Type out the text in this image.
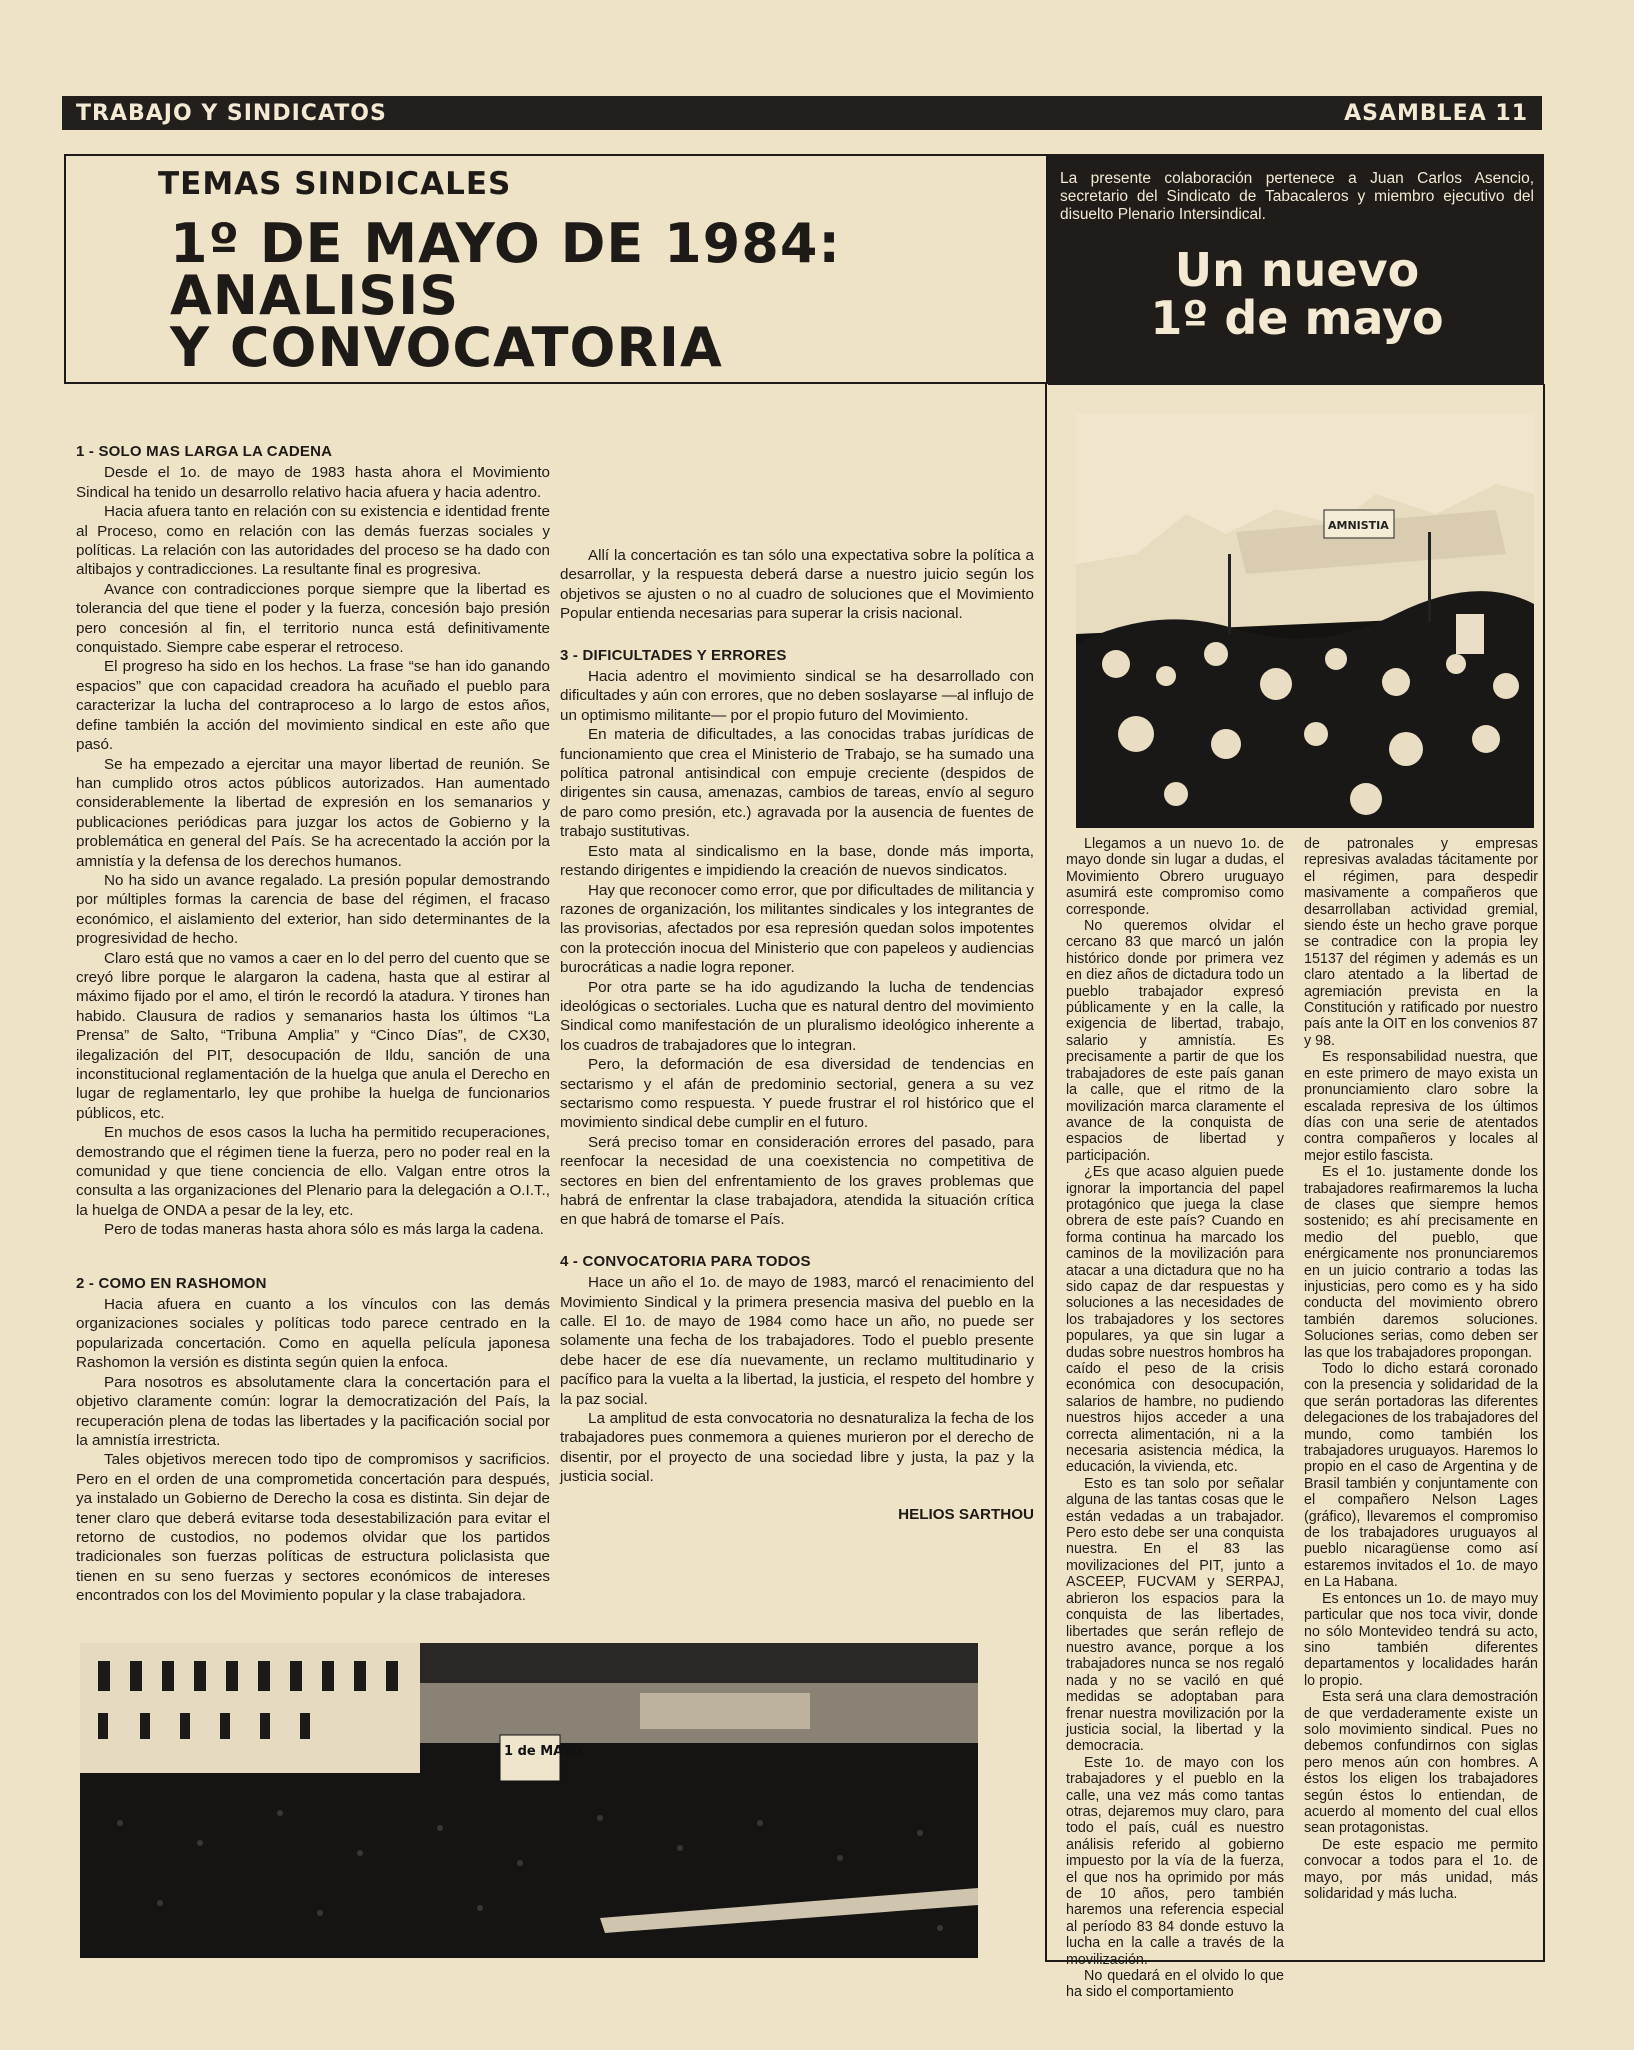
TRABAJO Y SINDICATOS	ASAMBLEA 11
TEMAS SINDICALES
1º DE MAYO DE 1984:
ANALISIS
Y CONVOCATORIA
La presente colaboración pertenece a Juan Carlos Asencio, secretario del Sindicato de Tabacaleros y miembro ejecutivo del disuelto Plenario Intersindical.
Un nuevo
1º de mayo
AMNISTIA
1 - SOLO MAS LARGA LA CADENA

Desde el 1o. de mayo de 1983 hasta ahora el Movimiento Sindical ha tenido un desarrollo relativo hacia afuera y hacia adentro.

Hacia afuera tanto en relación con su existencia e identidad frente al Proceso, como en relación con las demás fuerzas sociales y políticas. La relación con las autoridades del proceso se ha dado con altibajos y contradicciones. La resultante final es progresiva.

Avance con contradicciones porque siempre que la libertad es tolerancia del que tiene el poder y la fuerza, concesión bajo presión pero concesión al fin, el territorio nunca está definitivamente conquistado. Siempre cabe esperar el retroceso.

El progreso ha sido en los hechos. La frase “se han ido ganando espacios” que con capacidad creadora ha acuñado el pueblo para caracterizar la lucha del contraproceso a lo largo de estos años, define también la acción del movimiento sindical en este año que pasó.

Se ha empezado a ejercitar una mayor libertad de reunión. Se han cumplido otros actos públicos autorizados. Han aumentado considerablemente la libertad de expresión en los semanarios y publicaciones periódicas para juzgar los actos de Gobierno y la problemática en general del País. Se ha acrecentado la acción por la amnistía y la defensa de los derechos humanos.

No ha sido un avance regalado. La presión popular demostrando por múltiples formas la carencia de base del régimen, el fracaso económico, el aislamiento del exterior, han sido determinantes de la progresividad de hecho.

Claro está que no vamos a caer en lo del perro del cuento que se creyó libre porque le alargaron la cadena, hasta que al estirar al máximo fijado por el amo, el tirón le recordó la atadura. Y tirones han habido. Clausura de radios y semanarios hasta los últimos “La Prensa” de Salto, “Tribuna Amplia” y “Cinco Días”, de CX30, ilegalización del PIT, desocupación de Ildu, sanción de una inconstitucional reglamentación de la huelga que anula el Derecho en lugar de reglamentarlo, ley que prohibe la huelga de funcionarios públicos, etc.

En muchos de esos casos la lucha ha permitido recuperaciones, demostrando que el régimen tiene la fuerza, pero no poder real en la comunidad y que tiene conciencia de ello. Valgan entre otros la consulta a las organizaciones del Plenario para la delegación a O.I.T., la huelga de ONDA a pesar de la ley, etc.

Pero de todas maneras hasta ahora sólo es más larga la cadena.

2 - COMO EN RASHOMON

Hacia afuera en cuanto a los vínculos con las demás organizaciones sociales y políticas todo parece centrado en la popularizada concertación. Como en aquella película japonesa Rashomon la versión es distinta según quien la enfoca.

Para nosotros es absolutamente clara la concertación para el objetivo claramente común: lograr la democratización del País, la recuperación plena de todas las libertades y la pacificación social por la amnistía irrestricta.

Tales objetivos merecen todo tipo de compromisos y sacrificios. Pero en el orden de una comprometida concertación para después, ya instalado un Gobierno de Derecho la cosa es distinta. Sin dejar de tener claro que deberá evitarse toda desestabilización para evitar el retorno de custodios, no podemos olvidar que los partidos tradicionales son fuerzas políticas de estructura policlasista que tienen en su seno fuerzas y sectores económicos de intereses encontrados con los del Movimiento popular y la clase trabajadora.

Allí la concertación es tan sólo una expectativa sobre la política a desarrollar, y la respuesta deberá darse a nuestro juicio según los objetivos se ajusten o no al cuadro de soluciones que el Movimiento Popular entienda necesarias para superar la crisis nacional.

3 - DIFICULTADES Y ERRORES

Hacia adentro el movimiento sindical se ha desarrollado con dificultades y aún con errores, que no deben soslayarse —al influjo de un optimismo militante— por el propio futuro del Movimiento.

En materia de dificultades, a las conocidas trabas jurídicas de funcionamiento que crea el Ministerio de Trabajo, se ha sumado una política patronal antisindical con empuje creciente (despidos de dirigentes sin causa, amenazas, cambios de tareas, envío al seguro de paro como presión, etc.) agravada por la ausencia de fuentes de trabajo sustitutivas.

Esto mata al sindicalismo en la base, donde más importa, restando dirigentes e impidiendo la creación de nuevos sindicatos.

Hay que reconocer como error, que por dificultades de militancia y razones de organización, los militantes sindicales y los integrantes de las provisorias, afectados por esa represión quedan solos impotentes con la protección inocua del Ministerio que con papeleos y audiencias burocráticas a nadie logra reponer.

Por otra parte se ha ido agudizando la lucha de tendencias ideológicas o sectoriales. Lucha que es natural dentro del movimiento Sindical como manifestación de un pluralismo ideológico inherente a los cuadros de trabajadores que lo integran.

Pero, la deformación de esa diversidad de tendencias en sectarismo y el afán de predominio sectorial, genera a su vez sectarismo como respuesta. Y puede frustrar el rol histórico que el movimiento sindical debe cumplir en el futuro.

Será preciso tomar en consideración errores del pasado, para reenfocar la necesidad de una coexistencia no competitiva de sectores en bien del enfrentamiento de los graves problemas que habrá de enfrentar la clase trabajadora, atendida la situación crítica en que habrá de tomarse el País.

4 - CONVOCATORIA PARA TODOS

Hace un año el 1o. de mayo de 1983, marcó el renacimiento del Movimiento Sindical y la primera presencia masiva del pueblo en la calle. El 1o. de mayo de 1984 como hace un año, no puede ser solamente una fecha de los trabajadores. Todo el pueblo presente debe hacer de ese día nuevamente, un reclamo multitudinario y pacífico para la vuelta a la libertad, la justicia, el respeto del hombre y la paz social.

La amplitud de esta convocatoria no desnaturaliza la fecha de los trabajadores pues conmemora a quienes murieron por el derecho de disentir, por el proyecto de una sociedad libre y justa, la paz y la justicia social.

HELIOS SARTHOU

Llegamos a un nuevo 1o. de mayo donde sin lugar a dudas, el Movimiento Obrero uruguayo asumirá este compromiso como corresponde.

No queremos olvidar el cercano 83 que marcó un jalón histórico donde por primera vez en diez años de dictadura todo un pueblo trabajador expresó públicamente y en la calle, la exigencia de libertad, trabajo, salario y amnistía. Es precisamente a partir de que los trabajadores de este país ganan la calle, que el ritmo de la movilización marca claramente el avance de la conquista de espacios de libertad y participación.

¿Es que acaso alguien puede ignorar la importancia del papel protagónico que juega la clase obrera de este país? Cuando en forma continua ha marcado los caminos de la movilización para atacar a una dictadura que no ha sido capaz de dar respuestas y soluciones a las necesidades de los trabajadores y los sectores populares, ya que sin lugar a dudas sobre nuestros hombros ha caído el peso de la crisis económica con desocupación, salarios de hambre, no pudiendo nuestros hijos acceder a una correcta alimentación, ni a la necesaria asistencia médica, la educación, la vivienda, etc.

Esto es tan solo por señalar alguna de las tantas cosas que le están vedadas a un trabajador. Pero esto debe ser una conquista nuestra. En el 83 las movilizaciones del PIT, junto a ASCEEP, FUCVAM y SERPAJ, abrieron los espacios para la conquista de las libertades, libertades que serán reflejo de nuestro avance, porque a los trabajadores nunca se nos regaló nada y no se vaciló en qué medidas se adoptaban para frenar nuestra movilización por la justicia social, la libertad y la democracia.

Este 1o. de mayo con los trabajadores y el pueblo en la calle, una vez más como tantas otras, dejaremos muy claro, para todo el país, cuál es nuestro análisis referido al gobierno impuesto por la vía de la fuerza, el que nos ha oprimido por más de 10 años, pero también haremos una referencia especial al período 83 84 donde estuvo la lucha en la calle a través de la movilización.

No quedará en el olvido lo que ha sido el comportamiento

de patronales y empresas represivas avaladas tácitamente por el régimen, para despedir masivamente a compañeros que desarrollaban actividad gremial, siendo éste un hecho grave porque se contradice con la propia ley 15137 del régimen y además es un claro atentado a la libertad de agremiación prevista en la Constitución y ratificado por nuestro país ante la OIT en los convenios 87 y 98.

Es responsabilidad nuestra, que en este primero de mayo exista un pronunciamiento claro sobre la escalada represiva de los últimos días con una serie de atentados contra compañeros y locales al mejor estilo fascista.

Es el 1o. justamente donde los trabajadores reafirmaremos la lucha de clases que siempre hemos sostenido; es ahí precisamente en medio del pueblo, que enérgicamente nos pronunciaremos en un juicio contrario a todas las injusticias, pero como es y ha sido conducta del movimiento obrero también daremos soluciones. Soluciones serias, como deben ser las que los trabajadores propongan.

Todo lo dicho estará coronado con la presencia y solidaridad de la que serán portadoras las diferentes delegaciones de los trabajadores del mundo, como también los trabajadores uruguayos. Haremos lo propio en el caso de Argentina y de Brasil también y conjuntamente con el compañero Nelson Lages (gráfico), llevaremos el compromiso de los trabajadores uruguayos al pueblo nicaragüense como así estaremos invitados el 1o. de mayo en La Habana.

Es entonces un 1o. de mayo muy particular que nos toca vivir, donde no sólo Montevideo tendrá su acto, sino también diferentes departamentos y localidades harán lo propio.

Esta será una clara demostración de que verdaderamente existe un solo movimiento sindical. Pues no debemos confundirnos con siglas pero menos aún con hombres. A éstos los eligen los trabajadores según éstos lo entiendan, de acuerdo al momento del cual ellos sean protagonistas.

De este espacio me permito convocar a todos para el 1o. de mayo, por más unidad, más solidaridad y más lucha.

1 de MAYO
